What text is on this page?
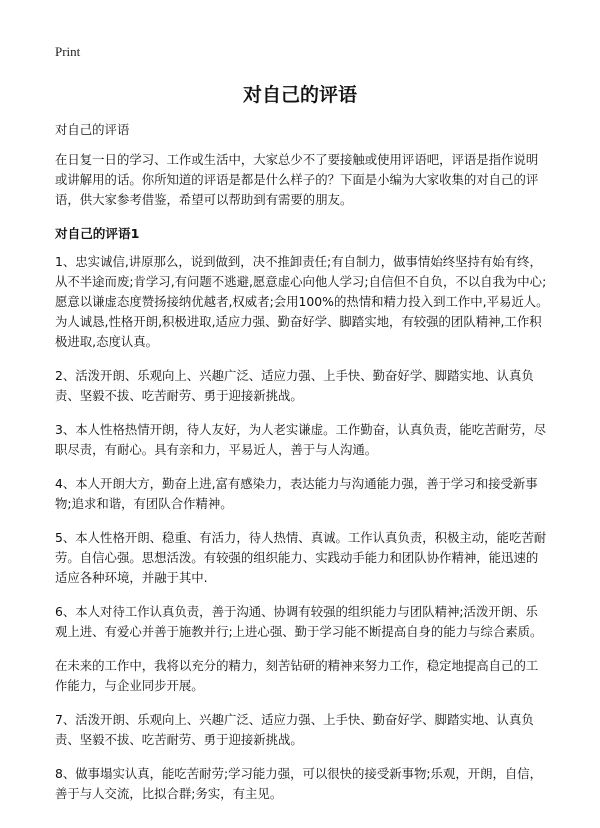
Print
对自己的评语
对自己的评语

在日复一日的学习、工作或生活中，大家总少不了要接触或使用评语吧，评语是指作说明或讲解用的话。你所知道的评语是都是什么样子的？下面是小编为大家收集的对自己的评语，供大家参考借鉴，希望可以帮助到有需要的朋友。

对自己的评语1

1、忠实诚信,讲原那么，说到做到，决不推卸责任;有自制力，做事情始终坚持有始有终，从不半途而废;肯学习,有问题不逃避,愿意虚心向他人学习;自信但不自负，不以自我为中心;愿意以谦虚态度赞扬接纳优越者,权威者;会用100%的热情和精力投入到工作中,平易近人。为人诚恳,性格开朗,积极进取,适应力强、勤奋好学、脚踏实地，有较强的团队精神,工作积极进取,态度认真。

2、活泼开朗、乐观向上、兴趣广泛、适应力强、上手快、勤奋好学、脚踏实地、认真负责、坚毅不拔、吃苦耐劳、勇于迎接新挑战。

3、本人性格热情开朗，待人友好，为人老实谦虚。工作勤奋，认真负责，能吃苦耐劳，尽职尽责，有耐心。具有亲和力，平易近人，善于与人沟通。

4、本人开朗大方，勤奋上进,富有感染力，表达能力与沟通能力强，善于学习和接受新事物;追求和谐，有团队合作精神。

5、本人性格开朗、稳重、有活力，待人热情、真诚。工作认真负责，积极主动，能吃苦耐劳。自信心强。思想活泼。有较强的组织能力、实践动手能力和团队协作精神，能迅速的适应各种环境，并融于其中.

6、本人对待工作认真负责，善于沟通、协调有较强的组织能力与团队精神;活泼开朗、乐观上进、有爱心并善于施教并行;上进心强、勤于学习能不断提高自身的能力与综合素质。

在未来的工作中，我将以充分的精力，刻苦钻研的精神来努力工作，稳定地提高自己的工作能力，与企业同步开展。

7、活泼开朗、乐观向上、兴趣广泛、适应力强、上手快、勤奋好学、脚踏实地、认真负责、坚毅不拔、吃苦耐劳、勇于迎接新挑战。

8、做事塌实认真，能吃苦耐劳;学习能力强，可以很快的接受新事物;乐观，开朗，自信，善于与人交流，比拟合群;务实，有主见。
